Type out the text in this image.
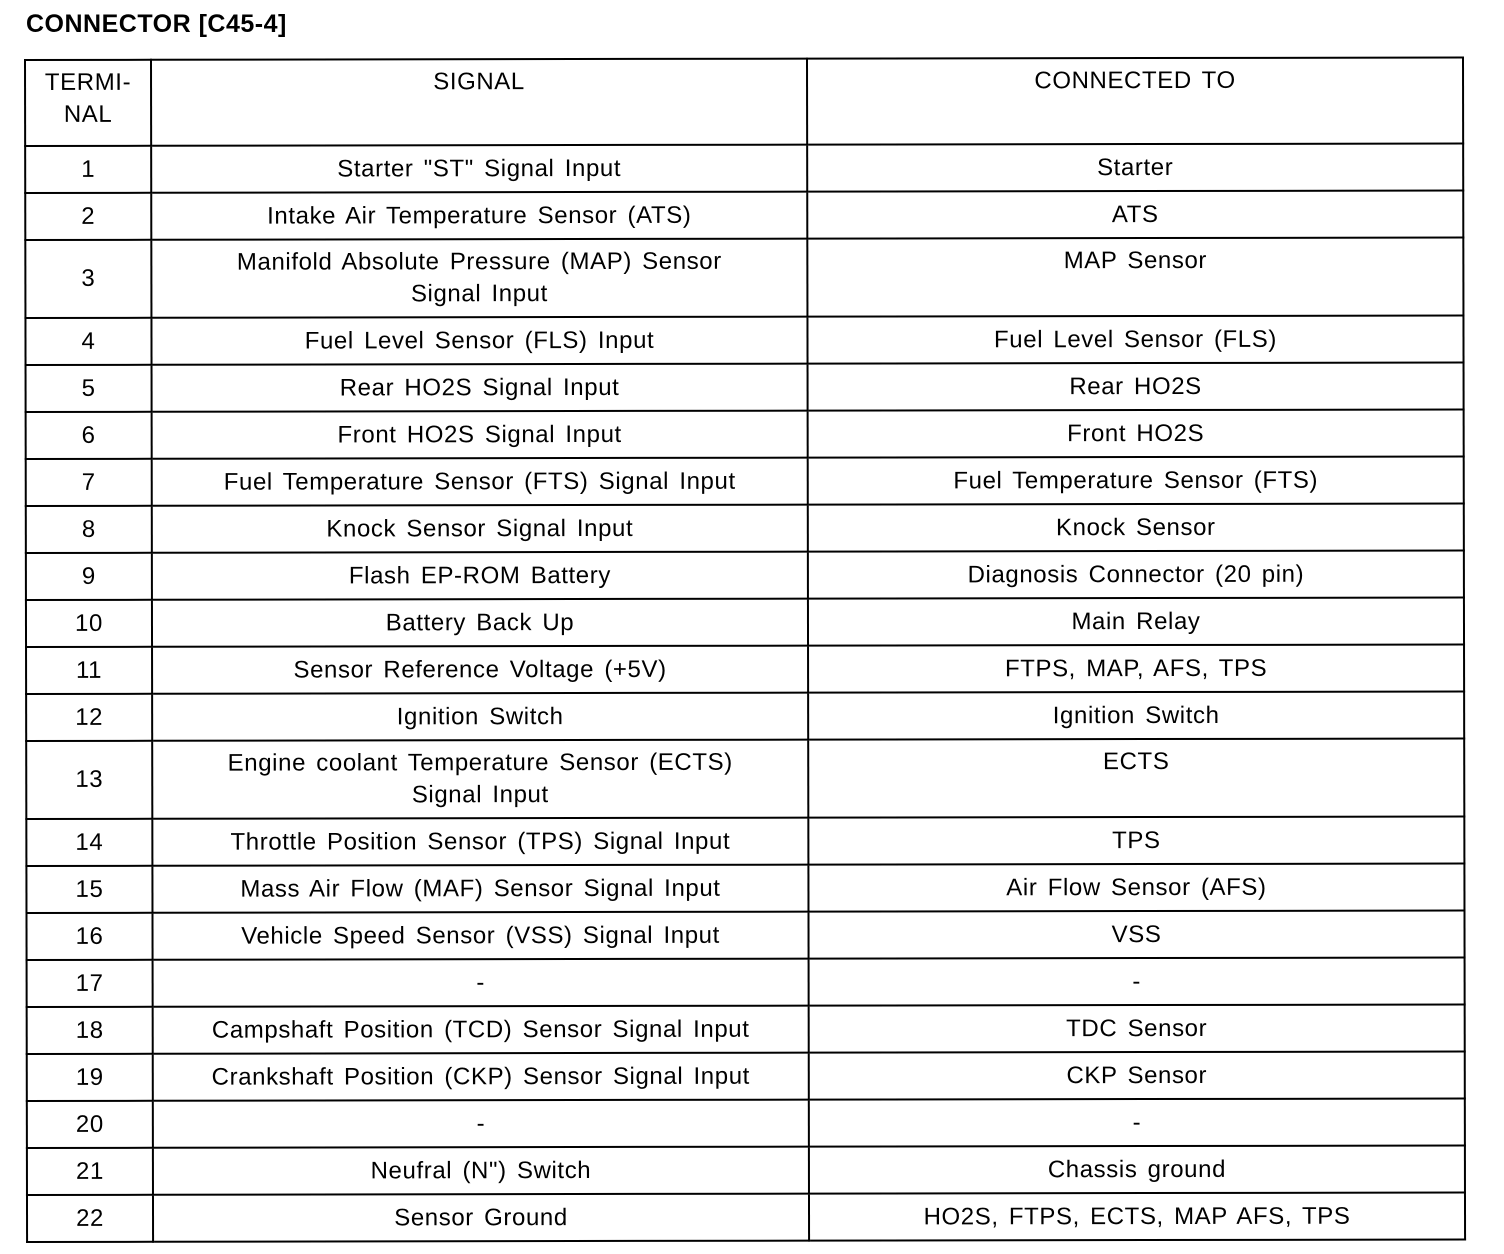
CONNECTOR [C45-4]
TERMI-
NAL	SIGNAL	CONNECTED TO
1	Starter "ST" Signal Input	Starter
2	Intake Air Temperature Sensor (ATS)	ATS
3	Manifold Absolute Pressure (MAP) Sensor
Signal Input	MAP Sensor
4	Fuel Level Sensor (FLS) Input	Fuel Level Sensor (FLS)
5	Rear HO2S Signal Input	Rear HO2S
6	Front HO2S Signal Input	Front HO2S
7	Fuel Temperature Sensor (FTS) Signal Input	Fuel Temperature Sensor (FTS)
8	Knock Sensor Signal Input	Knock Sensor
9	Flash EP-ROM Battery	Diagnosis Connector (20 pin)
10	Battery Back Up	Main Relay
11	Sensor Reference Voltage (+5V)	FTPS, MAP, AFS, TPS
12	Ignition Switch	Ignition Switch
13	Engine coolant Temperature Sensor (ECTS)
Signal Input	ECTS
14	Throttle Position Sensor (TPS) Signal Input	TPS
15	Mass Air Flow (MAF) Sensor Signal Input	Air Flow Sensor (AFS)
16	Vehicle Speed Sensor (VSS) Signal Input	VSS
17	-	-
18	Campshaft Position (TCD) Sensor Signal Input	TDC Sensor
19	Crankshaft Position (CKP) Sensor Signal Input	CKP Sensor
20	-	-
21	Neufral (N") Switch	Chassis ground
22	Sensor Ground	HO2S, FTPS, ECTS, MAP AFS, TPS
